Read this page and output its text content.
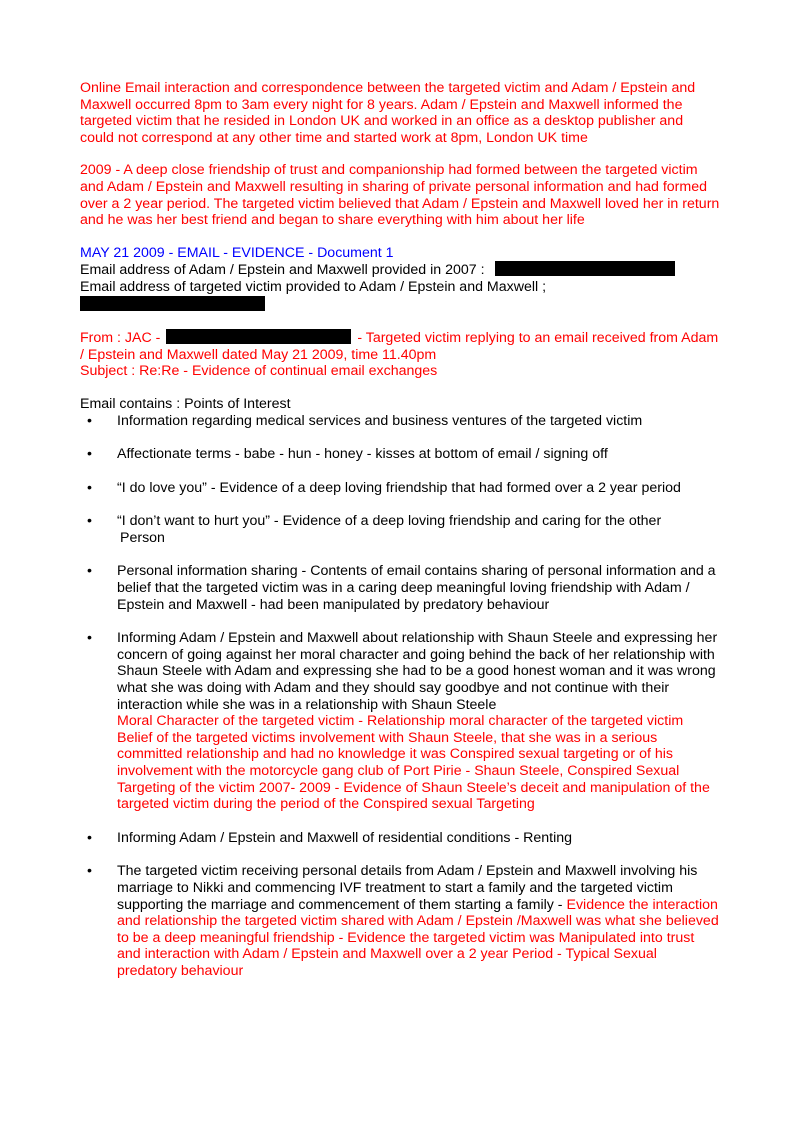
Online Email interaction and correspondence between the targeted victim and Adam / Epstein and Maxwell occurred 8pm to 3am every night for 8 years. Adam / Epstein and Maxwell informed the targeted victim that he resided in London UK and worked in an office as a desktop publisher and could not correspond at any other time and started work at 8pm, London UK time

2009 - A deep close friendship of trust and companionship had formed between the targeted victim and Adam / Epstein and Maxwell resulting in sharing of private personal information and had formed over a 2 year period. The targeted victim believed that Adam / Epstein and Maxwell loved her in return and he was her best friend and began to share everything with him about her life

MAY 21 2009 - EMAIL - EVIDENCE - Document 1

Email address of Adam / Epstein and Maxwell provided in 2007 :

Email address of targeted victim provided to Adam / Epstein and Maxwell ;

From : JAC -	- Targeted victim replying to an email received from Adam / Epstein and Maxwell dated May 21 2009, time 11.40pm

Subject : Re:Re - Evidence of continual email exchanges

Email contains : Points of Interest

• Information regarding medical services and business ventures of the targeted victim
• Affectionate terms - babe - hun - honey - kisses at bottom of email / signing off
• “I do love you” - Evidence of a deep loving friendship that had formed over a 2 year period
• “I don’t want to hurt you” - Evidence of a deep loving friendship and caring for the other
Person
• Personal information sharing - Contents of email contains sharing of personal information and a belief that the targeted victim was in a caring deep meaningful loving friendship with Adam / Epstein and Maxwell - had been manipulated by predatory behaviour
• Informing Adam / Epstein and Maxwell about relationship with Shaun Steele and expressing her concern of going against her moral character and going behind the back of her relationship with Shaun Steele with Adam and expressing she had to be a good honest woman and it was wrong what she was doing with Adam and they should say goodbye and not continue with their interaction while she was in a relationship with Shaun Steele
Moral Character of the targeted victim - Relationship moral character of the targeted victim Belief of the targeted victims involvement with Shaun Steele, that she was in a serious committed relationship and had no knowledge it was Conspired sexual targeting or of his involvement with the motorcycle gang club of Port Pirie - Shaun Steele, Conspired Sexual Targeting of the victim 2007- 2009 - Evidence of Shaun Steele’s deceit and manipulation of the targeted victim during the period of the Conspired sexual Targeting
• Informing Adam / Epstein and Maxwell of residential conditions - Renting
• The targeted victim receiving personal details from Adam / Epstein and Maxwell involving his marriage to Nikki and commencing IVF treatment to start a family and the targeted victim supporting the marriage and commencement of them starting a family - Evidence the interaction and relationship the targeted victim shared with Adam / Epstein /Maxwell was what she believed to be a deep meaningful friendship - Evidence the targeted victim was Manipulated into trust and interaction with Adam / Epstein and Maxwell over a 2 year Period - Typical Sexual predatory behaviour
